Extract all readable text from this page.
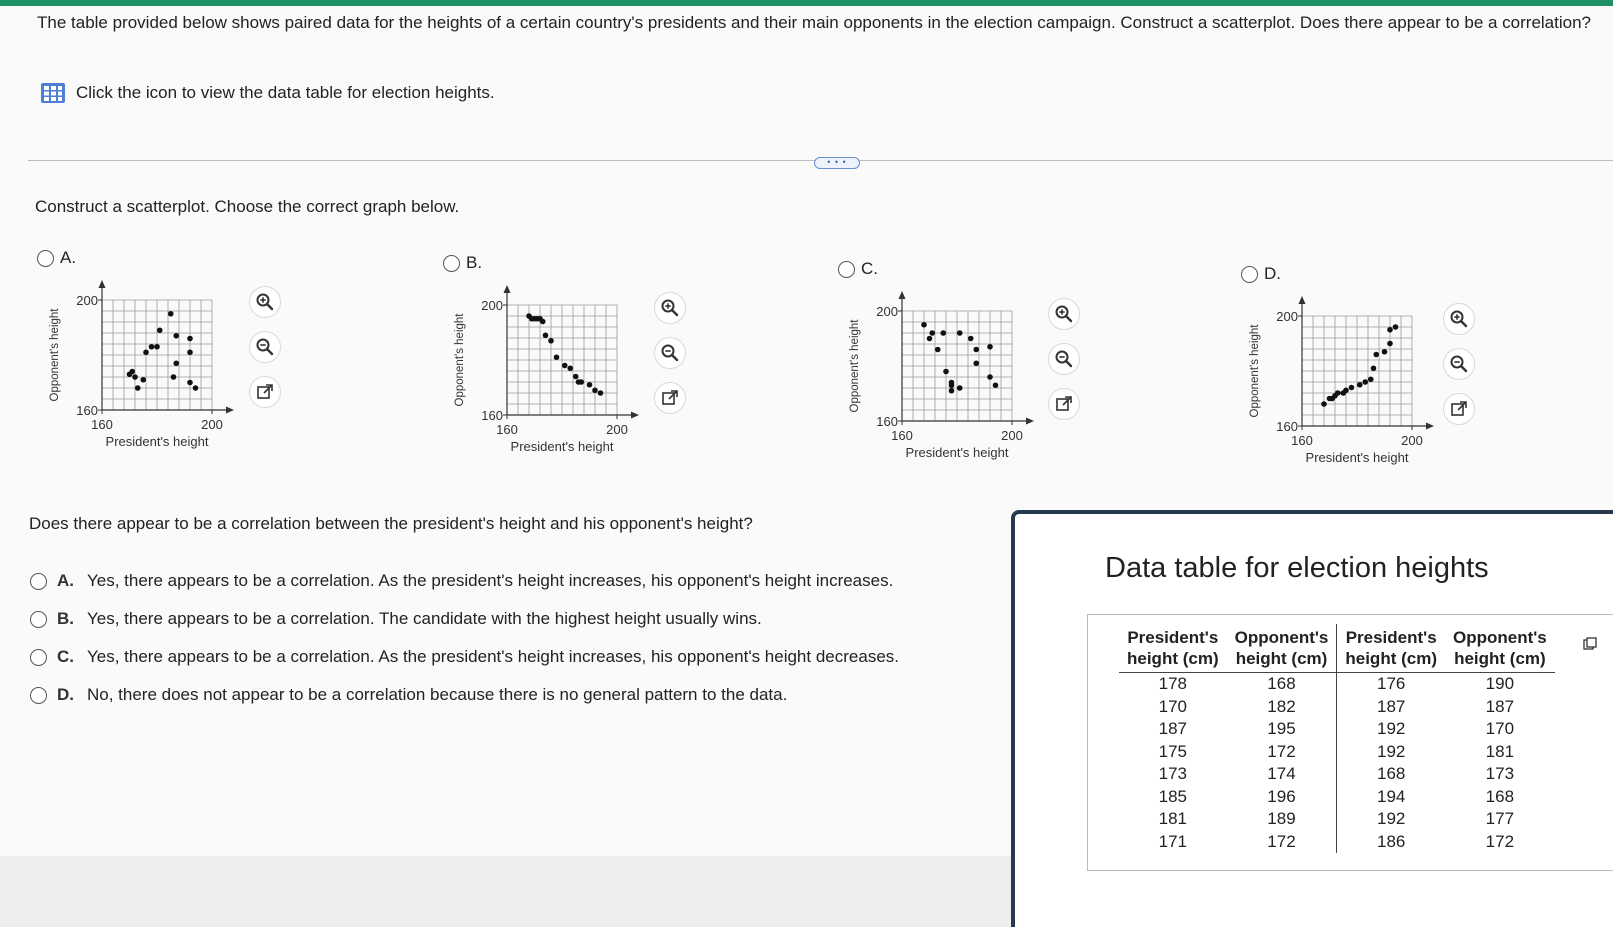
The table provided below shows paired data for the heights of a certain country's presidents and their main opponents in the election campaign. Construct a scatterplot. Does there appear to be a correlation?
Click the icon to view the data table for election heights.
• • •
Construct a scatterplot. Choose the correct graph below.
A.	B.	C.	D.
160	200
160
200
President's height
Opponent's height
160	200
160
200
President's height
Opponent's height
160	200
160
200
President's height
Opponent's height
160	200
160
200
President's height
Opponent's height
Does there appear to be a correlation between the president's height and his opponent's height?
A. Yes, there appears to be a correlation. As the president's height increases, his opponent's height increases.
B. Yes, there appears to be a correlation. The candidate with the highest height usually wins.
C. Yes, there appears to be a correlation. As the president's height increases, his opponent's height decreases.
D. No, there does not appear to be a correlation because there is no general pattern to the data.
Data table for election heights
President's
height (cm)	Opponent's
height (cm)	President's
height (cm)	Opponent's
height (cm)
178	168	176	190
170	182	187	187
187	195	192	170
175	172	192	181
173	174	168	173
185	196	194	168
181	189	192	177
171	172	186	172
